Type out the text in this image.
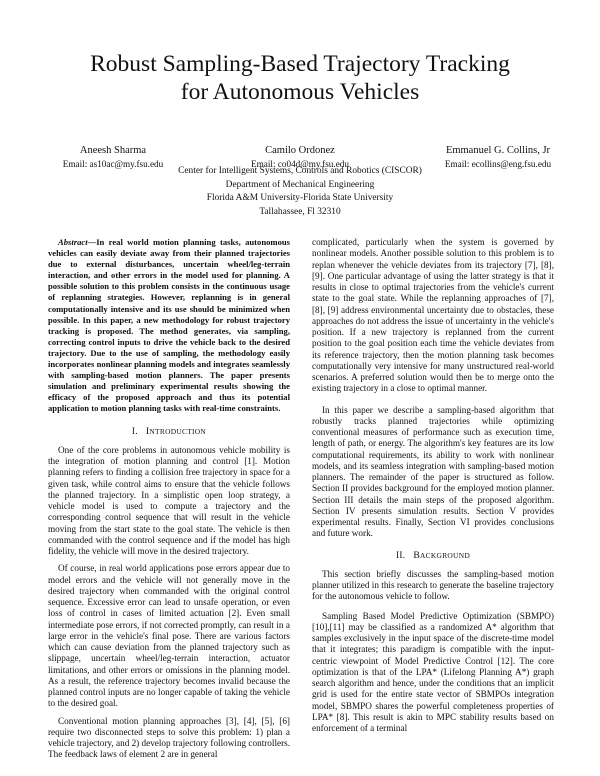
Robust Sampling-Based Trajectory Tracking
for Autonomous Vehicles
Aneesh Sharma
Email: as10ac@my.fsu.edu
Camilo Ordonez
Email: co04d@my.fsu.edu
Emmanuel G. Collins, Jr
Email: ecollins@eng.fsu.edu
Center for Intelligent Systems, Controls and Robotics (CISCOR)
Department of Mechanical Engineering
Florida A&M University-Florida State University
Tallahassee, Fl 32310
Abstract—In real world motion planning tasks, autonomous vehicles can easily deviate away from their planned trajectories due to external disturbances, uncertain wheel/leg-terrain interaction, and other errors in the model used for planning. A possible solution to this problem consists in the continuous usage of replanning strategies. However, replanning is in general computationally intensive and its use should be minimized when possible. In this paper, a new methodology for robust trajectory tracking is proposed. The method generates, via sampling, correcting control inputs to drive the vehicle back to the desired trajectory. Due to the use of sampling, the methodology easily incorporates nonlinear planning models and integrates seamlessly with sampling-based motion planners. The paper presents simulation and preliminary experimental results showing the efficacy of the proposed approach and thus its potential application to motion planning tasks with real-time constraints.
I. INTRODUCTION

One of the core problems in autonomous vehicle mobility is the integration of motion planning and control [1]. Motion planning refers to finding a collision free trajectory in space for a given task, while control aims to ensure that the vehicle follows the planned trajectory. In a simplistic open loop strategy, a vehicle model is used to compute a trajectory and the corresponding control sequence that will result in the vehicle moving from the start state to the goal state. The vehicle is then commanded with the control sequence and if the model has high fidelity, the vehicle will move in the desired trajectory.

Of course, in real world applications pose errors appear due to model errors and the vehicle will not generally move in the desired trajectory when commanded with the original control sequence. Excessive error can lead to unsafe operation, or even loss of control in cases of limited actuation [2]. Even small intermediate pose errors, if not corrected promptly, can result in a large error in the vehicle's final pose. There are various factors which can cause deviation from the planned trajectory such as slippage, uncertain wheel/leg-terrain interaction, actuator limitations, and other errors or omissions in the planning model. As a result, the reference trajectory becomes invalid because the planned control inputs are no longer capable of taking the vehicle to the desired goal.

Conventional motion planning approaches [3], [4], [5], [6] require two disconnected steps to solve this problem: 1) plan a vehicle trajectory, and 2) develop trajectory following controllers. The feedback laws of element 2 are in general

complicated, particularly when the system is governed by nonlinear models. Another possible solution to this problem is to replan whenever the vehicle deviates from its trajectory [7], [8], [9]. One particular advantage of using the latter strategy is that it results in close to optimal trajectories from the vehicle's current state to the goal state. While the replanning approaches of [7], [8], [9] address environmental uncertainty due to obstacles, these approaches do not address the issue of uncertainty in the vehicle's position. If a new trajectory is replanned from the current position to the goal position each time the vehicle deviates from its reference trajectory, then the motion planning task becomes computationally very intensive for many unstructured real-world scenarios. A preferred solution would then be to merge onto the existing trajectory in a close to optimal manner.

In this paper we describe a sampling-based algorithm that robustly tracks planned trajectories while optimizing conventional measures of performance such as execution time, length of path, or energy. The algorithm's key features are its low computational requirements, its ability to work with nonlinear models, and its seamless integration with sampling-based motion planners. The remainder of the paper is structured as follow. Section II provides background for the employed motion planner. Section III details the main steps of the proposed algorithm. Section IV presents simulation results. Section V provides experimental results. Finally, Section VI provides conclusions and future work.

II. BACKGROUND

This section briefly discusses the sampling-based motion planner utilized in this research to generate the baseline trajectory for the autonomous vehicle to follow.

Sampling Based Model Predictive Optimization (SBMPO) [10],[11] may be classified as a randomized A* algorithm that samples exclusively in the input space of the discrete-time model that it integrates; this paradigm is compatible with the input-centric viewpoint of Model Predictive Control [12]. The core optimization is that of the LPA* (Lifelong Planning A*) graph search algorithm and hence, under the conditions that an implicit grid is used for the entire state vector of SBMPOs integration model, SBMPO shares the powerful completeness properties of LPA* [8]. This result is akin to MPC stability results based on enforcement of a terminal
